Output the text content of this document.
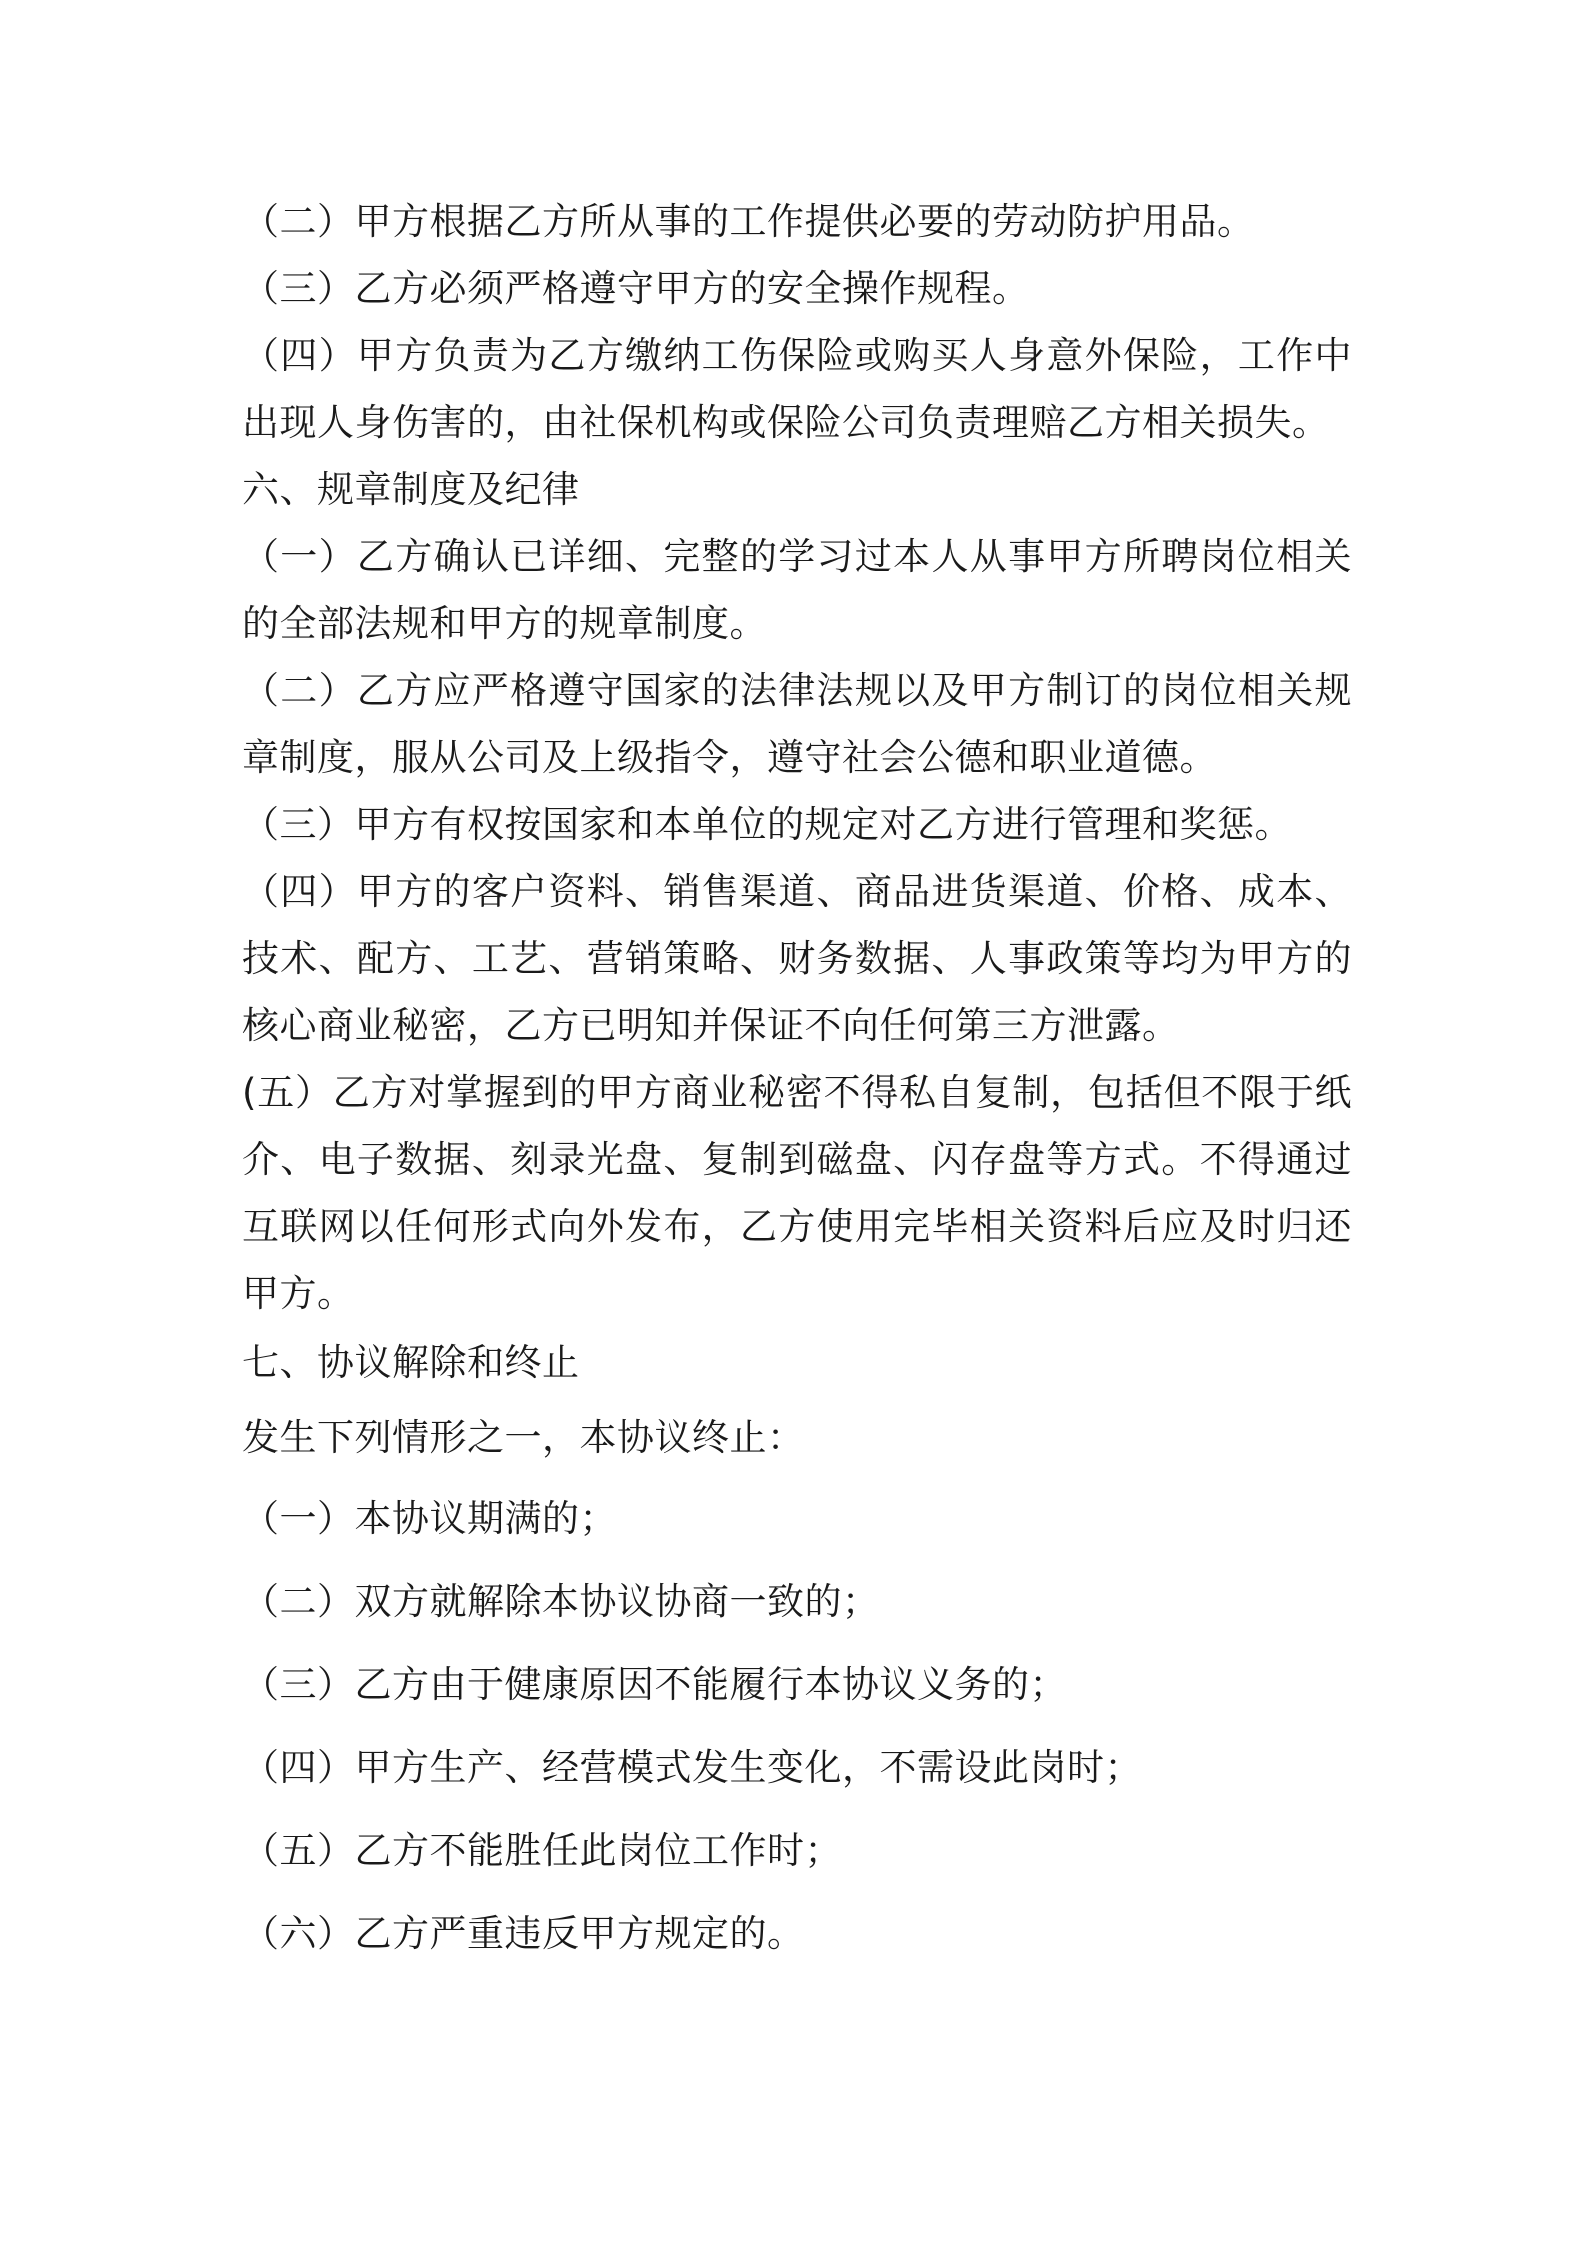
（二）甲方根据乙方所从事的工作提供必要的劳动防护用品。

（三）乙方必须严格遵守甲方的安全操作规程。

（四）甲方负责为乙方缴纳工伤保险或购买人身意外保险，工作中出现人身伤害的，由社保机构或保险公司负责理赔乙方相关损失。

六、规章制度及纪律

（一）乙方确认已详细、完整的学习过本人从事甲方所聘岗位相关的全部法规和甲方的规章制度。

（二）乙方应严格遵守国家的法律法规以及甲方制订的岗位相关规章制度，服从公司及上级指令，遵守社会公德和职业道德。

（三）甲方有权按国家和本单位的规定对乙方进行管理和奖惩。

（四）甲方的客户资料、销售渠道、商品进货渠道、价格、成本、技术、配方、工艺、营销策略、财务数据、人事政策等均为甲方的核心商业秘密，乙方已明知并保证不向任何第三方泄露。

(五）乙方对掌握到的甲方商业秘密不得私自复制，包括但不限于纸介、电子数据、刻录光盘、复制到磁盘、闪存盘等方式。不得通过互联网以任何形式向外发布，乙方使用完毕相关资料后应及时归还甲方。

七、协议解除和终止

发生下列情形之一，本协议终止：

（一）本协议期满的；

（二）双方就解除本协议协商一致的；

（三）乙方由于健康原因不能履行本协议义务的；

（四）甲方生产、经营模式发生变化，不需设此岗时；

（五）乙方不能胜任此岗位工作时；

（六）乙方严重违反甲方规定的。
